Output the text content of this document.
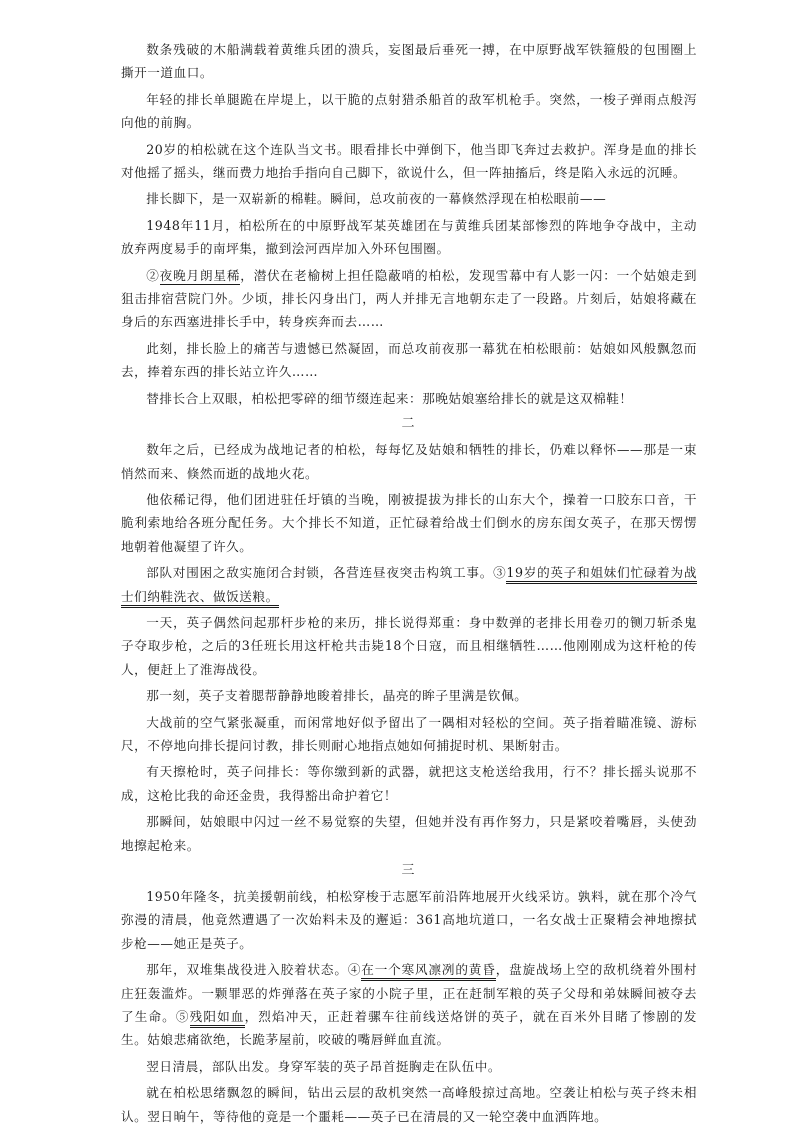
数条残破的木船满载着黄维兵团的溃兵，妄图最后垂死一搏，在中原野战军铁箍般的包围圈上撕开一道血口。

年轻的排长单腿跪在岸堤上，以干脆的点射猎杀船首的敌军机枪手。突然，一梭子弹雨点般泻向他的前胸。

20岁的柏松就在这个连队当文书。眼看排长中弹倒下，他当即飞奔过去救护。浑身是血的排长对他摇了摇头，继而费力地抬手指向自己脚下，欲说什么，但一阵抽搐后，终是陷入永远的沉睡。

排长脚下，是一双崭新的棉鞋。瞬间，总攻前夜的一幕倏然浮现在柏松眼前——

1948年11月，柏松所在的中原野战军某英雄团在与黄维兵团某部惨烈的阵地争夺战中，主动放弃两度易手的南坪集，撤到浍河西岸加入外环包围圈。

②夜晚月朗星稀，潜伏在老榆树上担任隐蔽哨的柏松，发现雪幕中有人影一闪：一个姑娘走到狙击排宿营院门外。少顷，排长闪身出门，两人并排无言地朝东走了一段路。片刻后，姑娘将藏在身后的东西塞进排长手中，转身疾奔而去……

此刻，排长脸上的痛苦与遗憾已然凝固，而总攻前夜那一幕犹在柏松眼前：姑娘如风般飘忽而去，捧着东西的排长站立许久……

替排长合上双眼，柏松把零碎的细节缀连起来：那晚姑娘塞给排长的就是这双棉鞋！

二

数年之后，已经成为战地记者的柏松，每每忆及姑娘和牺牲的排长，仍难以释怀——那是一束悄然而来、倏然而逝的战地火花。

他依稀记得，他们团进驻任圩镇的当晚，刚被提拔为排长的山东大个，操着一口胶东口音，干脆利索地给各班分配任务。大个排长不知道，正忙碌着给战士们倒水的房东闺女英子，在那天愣愣地朝着他凝望了许久。

部队对围困之敌实施闭合封锁，各营连昼夜突击构筑工事。③19岁的英子和姐妹们忙碌着为战士们纳鞋洗衣、做饭送粮。

一天，英子偶然问起那杆步枪的来历，排长说得郑重：身中数弹的老排长用卷刃的铡刀斩杀鬼子夺取步枪，之后的3任班长用这杆枪共击毙18个日寇，而且相继牺牲……他刚刚成为这杆枪的传人，便赶上了淮海战役。

那一刻，英子支着腮帮静静地睃着排长，晶亮的眸子里满是钦佩。

大战前的空气紧张凝重，而闲常地好似予留出了一隅相对轻松的空间。英子指着瞄准镜、游标尺，不停地向排长提问讨教，排长则耐心地指点她如何捕捉时机、果断射击。

有天擦枪时，英子问排长：等你缴到新的武器，就把这支枪送给我用，行不？排长摇头说那不成，这枪比我的命还金贵，我得豁出命护着它！

那瞬间，姑娘眼中闪过一丝不易觉察的失望，但她并没有再作努力，只是紧咬着嘴唇，头使劲地擦起枪来。

三

1950年隆冬，抗美援朝前线，柏松穿梭于志愿军前沿阵地展开火线采访。孰料，就在那个冷气弥漫的清晨，他竟然遭遇了一次始料未及的邂逅：361高地坑道口，一名女战士正聚精会神地擦拭步枪——她正是英子。

那年，双堆集战役进入胶着状态。④在一个寒风凛冽的黄昏，盘旋战场上空的敌机绕着外围村庄狂轰滥炸。一颗罪恶的炸弹落在英子家的小院子里，正在赶制军粮的英子父母和弟妹瞬间被夺去了生命。⑤残阳如血，烈焰冲天，正赶着骡车往前线送烙饼的英子，就在百米外目睹了惨剧的发生。姑娘悲痛欲绝，长跪茅屋前，咬破的嘴唇鲜血直流。

翌日清晨，部队出发。身穿军装的英子昂首挺胸走在队伍中。

就在柏松思绪飘忽的瞬间，钻出云层的敌机突然一高峰般掠过高地。空袭让柏松与英子终未相认。翌日晌午，等待他的竟是一个噩耗——英子已在清晨的又一轮空袭中血洒阵地。
